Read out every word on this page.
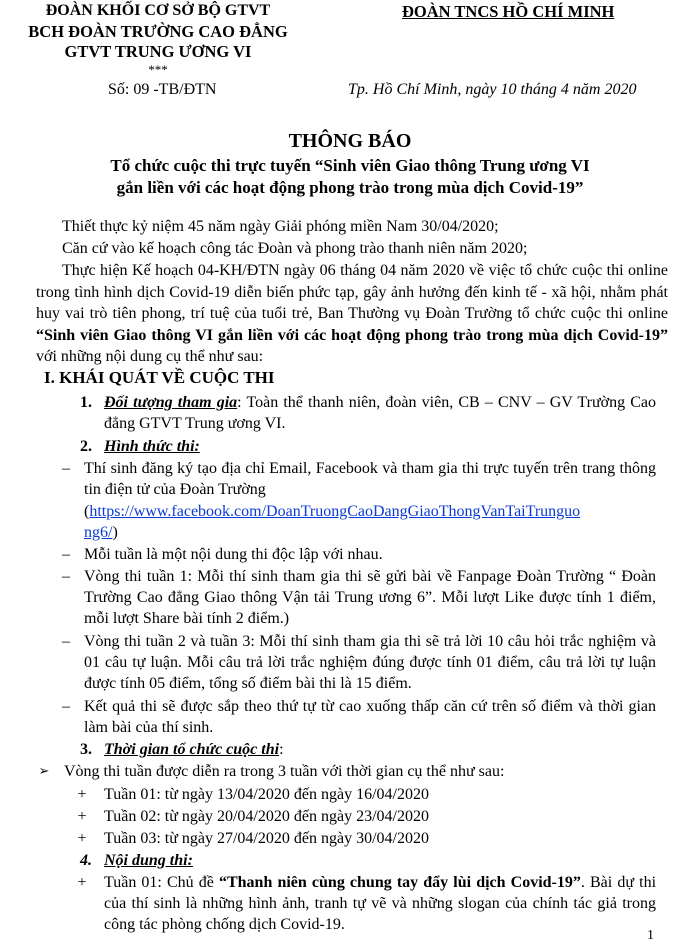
ĐOÀN KHỐI CƠ SỞ BỘ GTVT
BCH ĐOÀN TRƯỜNG CAO ĐẲNG
GTVT TRUNG ƯƠNG VI
***
ĐOÀN TNCS HỒ CHÍ MINH
Số: 09 -TB/ĐTN	Tp. Hồ Chí Minh, ngày 10 tháng 4 năm 2020
THÔNG BÁO
Tổ chức cuộc thi trực tuyến “Sinh viên Giao thông Trung ương VI
gắn liền với các hoạt động phong trào trong mùa dịch Covid-19”
Thiết thực kỷ niệm 45 năm ngày Giải phóng miền Nam 30/04/2020;
Căn cứ vào kế hoạch công tác Đoàn và phong trào thanh niên năm 2020;
Thực hiện Kế hoạch 04-KH/ĐTN ngày 06 tháng 04 năm 2020 về việc tổ chức cuộc thi online trong tình hình dịch Covid-19 diễn biến phức tạp, gây ảnh hưởng đến kinh tế - xã hội, nhằm phát huy vai trò tiên phong, trí tuệ của tuổi trẻ, Ban Thường vụ Đoàn Trường tổ chức cuộc thi online “Sinh viên Giao thông VI gắn liền với các hoạt động phong trào trong mùa dịch Covid-19” với những nội dung cụ thể như sau:
I. KHÁI QUÁT VỀ CUỘC THI
1. Đối tượng tham gia: Toàn thể thanh niên, đoàn viên, CB – CNV – GV Trường Cao đẳng GTVT Trung ương VI.
2. Hình thức thi:
– Thí sinh đăng ký tạo địa chỉ Email, Facebook và tham gia thi trực tuyến trên trang thông tin điện tử của Đoàn Trường
(https://www.facebook.com/DoanTruongCaoDangGiaoThongVanTaiTrunguo
ng6/)
– Mỗi tuần là một nội dung thi độc lập với nhau.
– Vòng thi tuần 1: Mỗi thí sinh tham gia thi sẽ gửi bài về Fanpage Đoàn Trường “ Đoàn Trường Cao đẳng Giao thông Vận tải Trung ương 6”. Mỗi lượt Like được tính 1 điểm, mỗi lượt Share bài tính 2 điểm.)
– Vòng thi tuần 2 và tuần 3: Mỗi thí sinh tham gia thi sẽ trả lời 10 câu hỏi trắc nghiệm và 01 câu tự luận. Mỗi câu trả lời trắc nghiệm đúng được tính 01 điểm, câu trả lời tự luận được tính 05 điểm, tổng số điểm bài thi là 15 điểm.
– Kết quả thi sẽ được sắp theo thứ tự từ cao xuống thấp căn cứ trên số điểm và thời gian làm bài của thí sinh.
3. Thời gian tổ chức cuộc thi:
➢ Vòng thi tuần được diễn ra trong 3 tuần với thời gian cụ thể như sau:
+	Tuần 01: từ ngày 13/04/2020 đến ngày 16/04/2020
+	Tuần 02: từ ngày 20/04/2020 đến ngày 23/04/2020
+	Tuần 03: từ ngày 27/04/2020 đến ngày 30/04/2020
4. Nội dung thi:
+	Tuần 01: Chủ đề “Thanh niên cùng chung tay đẩy lùi dịch Covid-19”. Bài dự thi của thí sinh là những hình ảnh, tranh tự vẽ và những slogan của chính tác giả trong công tác phòng chống dịch Covid-19.
1
